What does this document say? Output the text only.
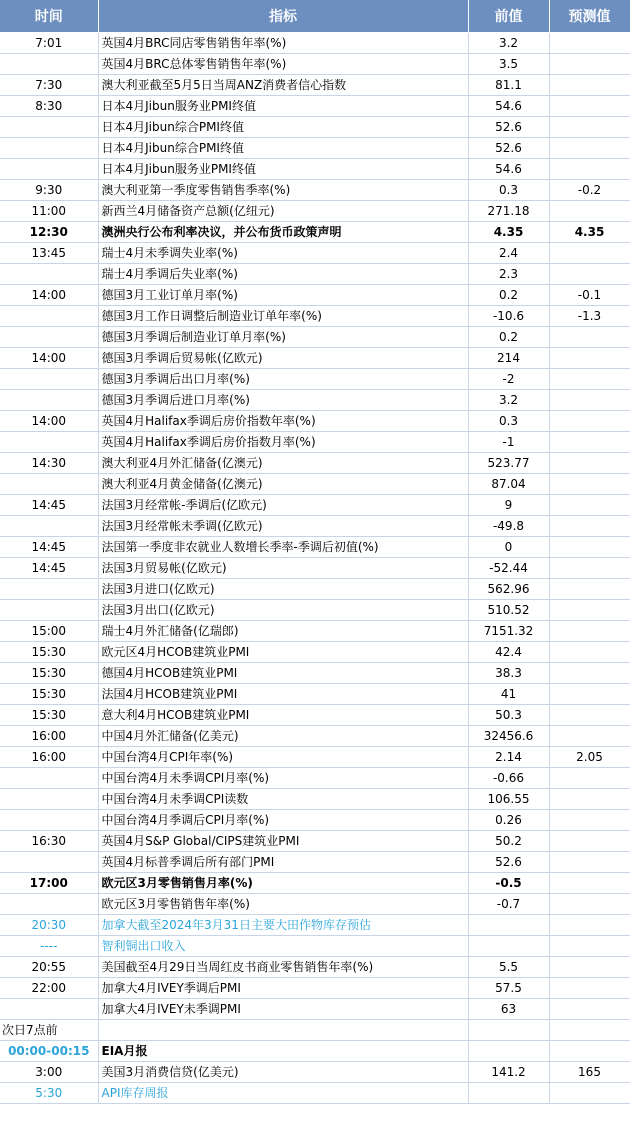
时间	指标	前值	预测值
7:01	英国4月BRC同店零售销售年率(%)	3.2	
	英国4月BRC总体零售销售年率(%)	3.5	
7:30	澳大利亚截至5月5日当周ANZ消费者信心指数	81.1	
8:30	日本4月Jibun服务业PMI终值	54.6	
	日本4月Jibun综合PMI终值	52.6	
	日本4月Jibun综合PMI终值	52.6	
	日本4月Jibun服务业PMI终值	54.6	
9:30	澳大利亚第一季度零售销售季率(%)	0.3	-0.2
11:00	新西兰4月储备资产总额(亿纽元)	271.18	
12:30	澳洲央行公布利率决议，并公布货币政策声明	4.35	4.35
13:45	瑞士4月未季调失业率(%)	2.4	
	瑞士4月季调后失业率(%)	2.3	
14:00	德国3月工业订单月率(%)	0.2	-0.1
	德国3月工作日调整后制造业订单年率(%)	-10.6	-1.3
	德国3月季调后制造业订单月率(%)	0.2	
14:00	德国3月季调后贸易帐(亿欧元)	214	
	德国3月季调后出口月率(%)	-2	
	德国3月季调后进口月率(%)	3.2	
14:00	英国4月Halifax季调后房价指数年率(%)	0.3	
	英国4月Halifax季调后房价指数月率(%)	-1	
14:30	澳大利亚4月外汇储备(亿澳元)	523.77	
	澳大利亚4月黄金储备(亿澳元)	87.04	
14:45	法国3月经常帐-季调后(亿欧元)	9	
	法国3月经常帐未季调(亿欧元)	-49.8	
14:45	法国第一季度非农就业人数增长季率-季调后初值(%)	0	
14:45	法国3月贸易帐(亿欧元)	-52.44	
	法国3月进口(亿欧元)	562.96	
	法国3月出口(亿欧元)	510.52	
15:00	瑞士4月外汇储备(亿瑞郎)	7151.32	
15:30	欧元区4月HCOB建筑业PMI	42.4	
15:30	德国4月HCOB建筑业PMI	38.3	
15:30	法国4月HCOB建筑业PMI	41	
15:30	意大利4月HCOB建筑业PMI	50.3	
16:00	中国4月外汇储备(亿美元)	32456.6	
16:00	中国台湾4月CPI年率(%)	2.14	2.05
	中国台湾4月未季调CPI月率(%)	-0.66	
	中国台湾4月未季调CPI读数	106.55	
	中国台湾4月季调后CPI月率(%)	0.26	
16:30	英国4月S&P Global/CIPS建筑业PMI	50.2	
	英国4月标普季调后所有部门PMI	52.6	
17:00	欧元区3月零售销售月率(%)	-0.5	
	欧元区3月零售销售年率(%)	-0.7	
20:30	加拿大截至2024年3月31日主要大田作物库存预估		
----	智利铜出口收入		
20:55	美国截至4月29日当周红皮书商业零售销售年率(%)	5.5	
22:00	加拿大4月IVEY季调后PMI	57.5	
	加拿大4月IVEY未季调PMI	63	
次日7点前			
00:00-00:15	EIA月报		
3:00	美国3月消费信贷(亿美元)	141.2	165
5:30	API库存周报		
